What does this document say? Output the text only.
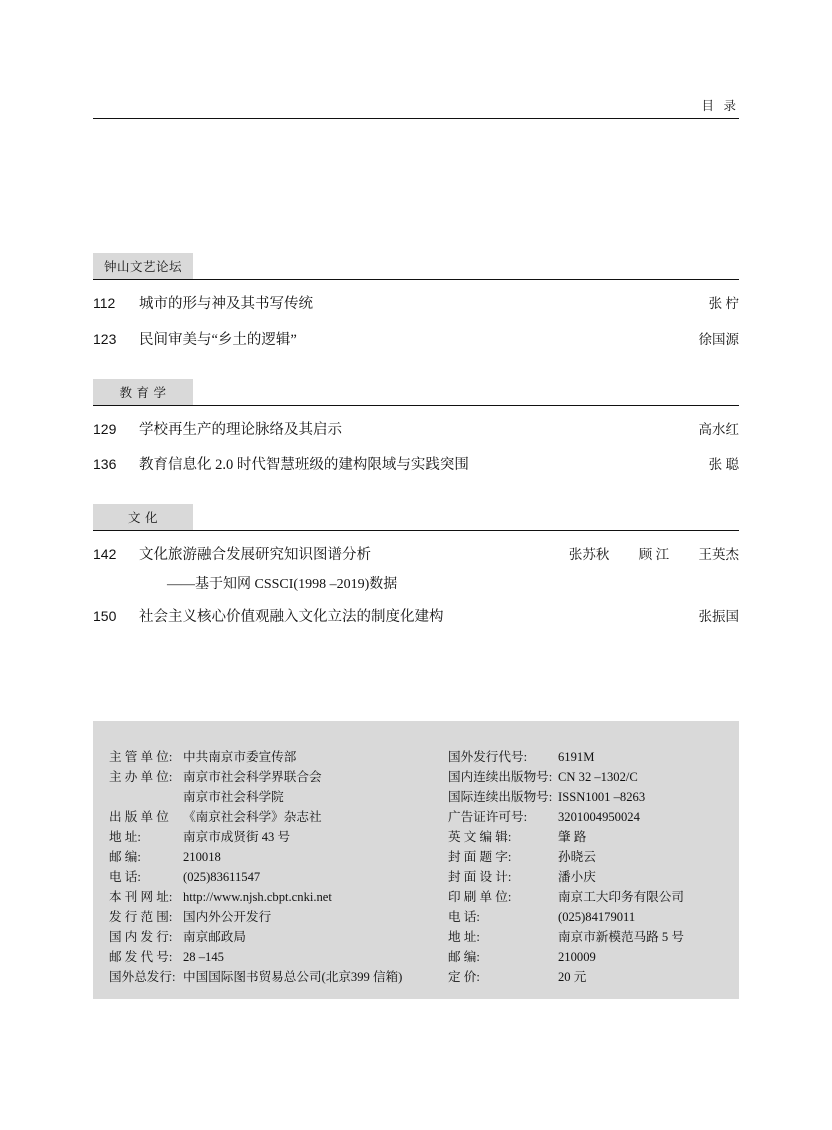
目 录
钟山文艺论坛
112	城市的形与神及其书写传统	张 柠
123	民间审美与“乡土的逻辑”	徐国源
教 育 学
129	学校再生产的理论脉络及其启示	高水红
136	教育信息化 2.0 时代智慧班级的建构限域与实践突围	张 聪
文 化
142	文化旅游融合发展研究知识图谱分析	张苏秋 顾 江 王英杰
——基于知网 CSSCI(1998 –2019)数据
150	社会主义核心价值观融入文化立法的制度化建构	张振国
主 管 单 位: 中共南京市委宣传部
主 办 单 位: 南京市社会科学界联合会
南京市社会科学院
出 版 单 位	《南京社会科学》杂志社
地 址:	南京市成贤街 43 号
邮 编:	210018
电 话:	(025)83611547
本 刊 网 址: http://www.njsh.cbpt.cnki.net
发 行 范 围: 国内外公开发行
国 内 发 行: 南京邮政局
邮 发 代 号: 28 –145
国外总发行: 中国国际图书贸易总公司(北京399 信箱)
国外发行代号:	6191M
国内连续出版物号: CN 32 –1302/C
国际连续出版物号: ISSN1001 –8263
广告证许可号:	3201004950024
英 文 编 辑:	肇 路
封 面 题 字:	孙晓云
封 面 设 计:	潘小庆
印 刷 单 位:	南京工大印务有限公司
电 话:	(025)84179011
地 址:	南京市新模范马路 5 号
邮 编:	210009
定 价:	20 元
